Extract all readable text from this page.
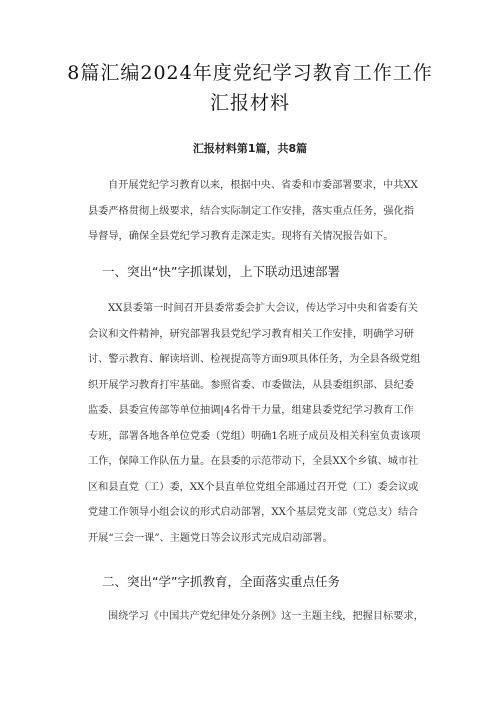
8篇汇编2024年度党纪学习教育工作工作
汇报材料
汇报材料第1篇，共8篇
自开展党纪学习教育以来，根据中央、省委和市委部署要求，中共XX
县委严格贯彻上级要求，结合实际制定工作安排，落实重点任务，强化指
导督导，确保全县党纪学习教育走深走实。现将有关情况报告如下。
一、突出“快”字抓谋划，上下联动迅速部署
XX县委第一时间召开县委常委会扩大会议，传达学习中央和省委有关
会议和文件精神，研究部署我县党纪学习教育相关工作安排，明确学习研
讨、警示教育、解读培训、检视提高等方面9项具体任务，为全县各级党组
织开展学习教育打牢基础。参照省委、市委做法，从县委组织部、县纪委
监委、县委宣传部等单位抽调|4名骨干力量，组建县委党纪学习教育工作
专班，部署各地各单位党委（党组）明确1名班子成员及相关科室负责该项
工作，保障工作队伍力量。在县委的示范带动下，全县XX个乡镇、城市社
区和县直党（工）委，XX个县直单位党组全部通过召开党（工）委会议或
党建工作领导小组会议的形式启动部署，XX个基层党支部（党总支）结合
开展“三会一课”、主题党日等会议形式完成启动部署。
二、突出“学”字抓教育，全面落实重点任务
围绕学习《中国共产党纪律处分条例》这一主题主线，把握目标要求，
